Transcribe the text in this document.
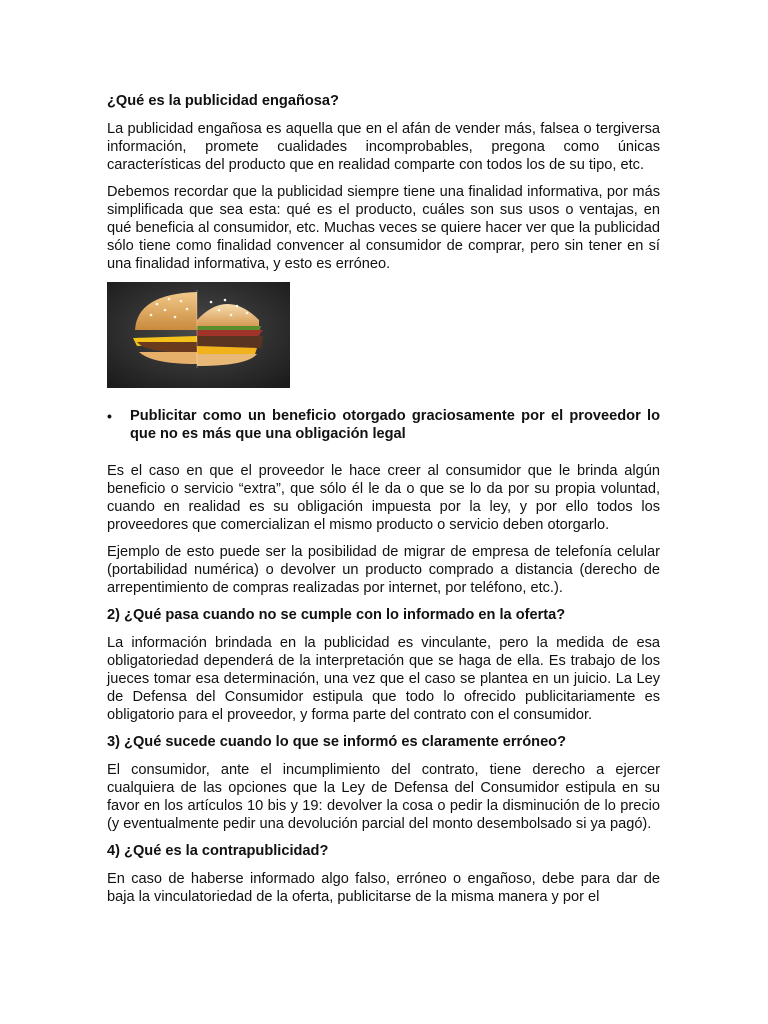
¿Qué es la publicidad engañosa?

La publicidad engañosa es aquella que en el afán de vender más, falsea o tergiversa información, promete cualidades incomprobables, pregona como únicas características del producto que en realidad comparte con todos los de su tipo, etc.

Debemos recordar que la publicidad siempre tiene una finalidad informativa, por más simplificada que sea esta: qué es el producto, cuáles son sus usos o ventajas, en qué beneficia al consumidor, etc. Muchas veces se quiere hacer ver que la publicidad sólo tiene como finalidad convencer al consumidor de comprar, pero sin tener en sí una finalidad informativa, y esto es erróneo.

•	Publicitar como un beneficio otorgado graciosamente por el proveedor lo que no es más que una obligación legal

Es el caso en que el proveedor le hace creer al consumidor que le brinda algún beneficio o servicio “extra”, que sólo él le da o que se lo da por su propia voluntad, cuando en realidad es su obligación impuesta por la ley, y por ello todos los proveedores que comercializan el mismo producto o servicio deben otorgarlo.

Ejemplo de esto puede ser la posibilidad de migrar de empresa de telefonía celular (portabilidad numérica) o devolver un producto comprado a distancia (derecho de arrepentimiento de compras realizadas por internet, por teléfono, etc.).

2) ¿Qué pasa cuando no se cumple con lo informado en la oferta?

La información brindada en la publicidad es vinculante, pero la medida de esa obligatoriedad dependerá de la interpretación que se haga de ella. Es trabajo de los jueces tomar esa determinación, una vez que el caso se plantea en un juicio. La Ley de Defensa del Consumidor estipula que todo lo ofrecido publicitariamente es obligatorio para el proveedor, y forma parte del contrato con el consumidor.

3) ¿Qué sucede cuando lo que se informó es claramente erróneo?

El consumidor, ante el incumplimiento del contrato, tiene derecho a ejercer cualquiera de las opciones que la Ley de Defensa del Consumidor estipula en su favor en los artículos 10 bis y 19: devolver la cosa o pedir la disminución de lo precio (y eventualmente pedir una devolución parcial del monto desembolsado si ya pagó).

4) ¿Qué es la contrapublicidad?

En caso de haberse informado algo falso, erróneo o engañoso, debe para dar de baja la vinculatoriedad de la oferta, publicitarse de la misma manera y por el
